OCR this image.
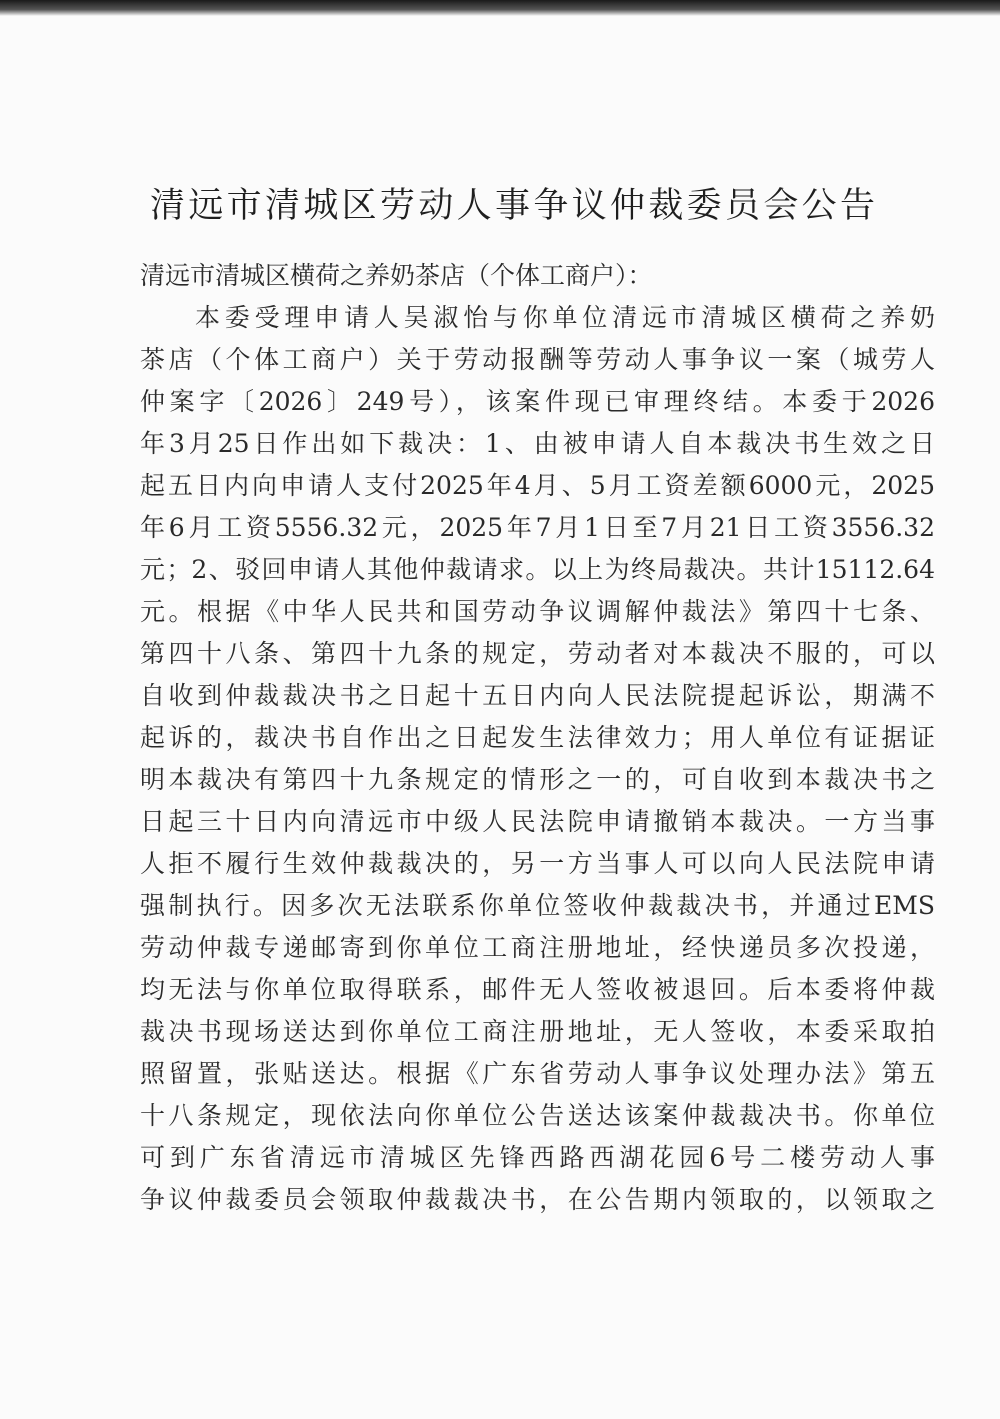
清远市清城区劳动人事争议仲裁委员会公告
清远市清城区横荷之养奶茶店（个体工商户）：
本委受理申请人吴淑怡与你单位清远市清城区横荷之养奶
茶店（个体工商户）关于劳动报酬等劳动人事争议一案（城劳人
仲案字〔2026〕249号），该案件现已审理终结。本委于2026
年3月25日作出如下裁决：1、由被申请人自本裁决书生效之日
起五日内向申请人支付2025年4月、5月工资差额6000元，2025
年6月工资5556.32元，2025年7月1日至7月21日工资3556.32
元；2、驳回申请人其他仲裁请求。以上为终局裁决。共计15112.64
元。根据《中华人民共和国劳动争议调解仲裁法》第四十七条、
第四十八条、第四十九条的规定，劳动者对本裁决不服的，可以
自收到仲裁裁决书之日起十五日内向人民法院提起诉讼，期满不
起诉的，裁决书自作出之日起发生法律效力；用人单位有证据证
明本裁决有第四十九条规定的情形之一的，可自收到本裁决书之
日起三十日内向清远市中级人民法院申请撤销本裁决。一方当事
人拒不履行生效仲裁裁决的，另一方当事人可以向人民法院申请
强制执行。因多次无法联系你单位签收仲裁裁决书，并通过EMS
劳动仲裁专递邮寄到你单位工商注册地址，经快递员多次投递，
均无法与你单位取得联系，邮件无人签收被退回。后本委将仲裁
裁决书现场送达到你单位工商注册地址，无人签收，本委采取拍
照留置，张贴送达。根据《广东省劳动人事争议处理办法》第五
十八条规定，现依法向你单位公告送达该案仲裁裁决书。你单位
可到广东省清远市清城区先锋西路西湖花园6号二楼劳动人事
争议仲裁委员会领取仲裁裁决书，在公告期内领取的，以领取之
